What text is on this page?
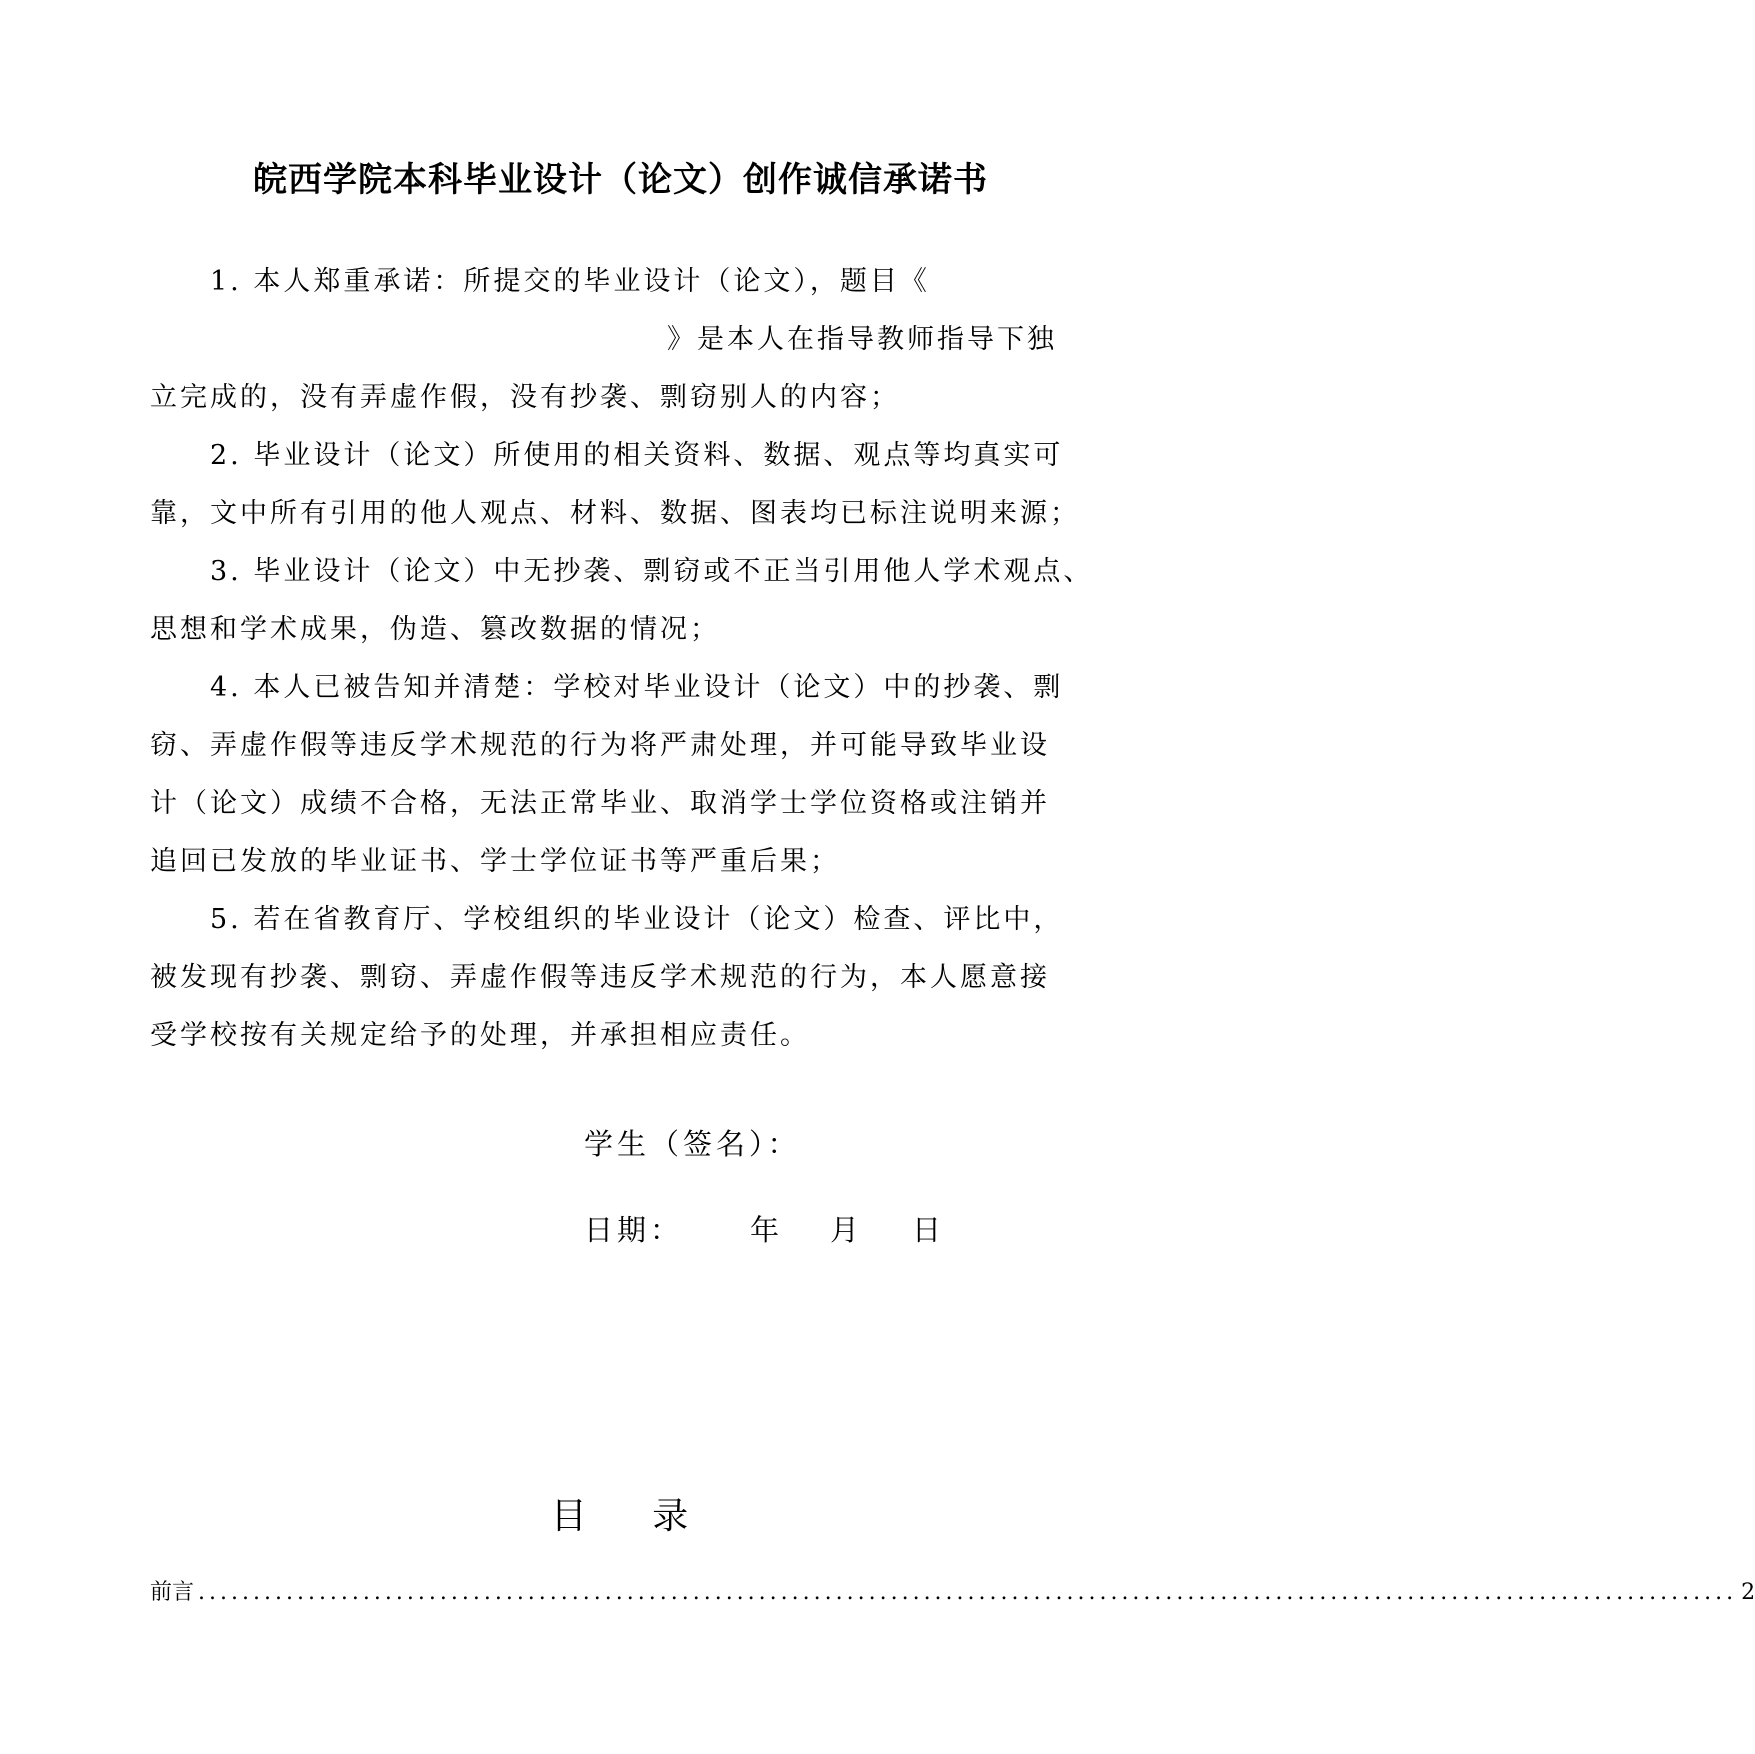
皖西学院本科毕业设计（论文）创作诚信承诺书
1. 本人郑重承诺：所提交的毕业设计（论文），题目《
》是本人在指导教师指导下独
立完成的，没有弄虚作假，没有抄袭、剽窃别人的内容；
2. 毕业设计（论文）所使用的相关资料、数据、观点等均真实可
靠，文中所有引用的他人观点、材料、数据、图表均已标注说明来源；
3. 毕业设计（论文）中无抄袭、剽窃或不正当引用他人学术观点、
思想和学术成果，伪造、篡改数据的情况；
4. 本人已被告知并清楚：学校对毕业设计（论文）中的抄袭、剽
窃、弄虚作假等违反学术规范的行为将严肃处理，并可能导致毕业设
计（论文）成绩不合格，无法正常毕业、取消学士学位资格或注销并
追回已发放的毕业证书、学士学位证书等严重后果；
5. 若在省教育厅、学校组织的毕业设计（论文）检查、评比中，
被发现有抄袭、剽窃、弄虚作假等违反学术规范的行为，本人愿意接
受学校按有关规定给予的处理，并承担相应责任。
学生（签名）：
日期： 年 月 日
目 录
前言 ............................................................................................................................................ 2
